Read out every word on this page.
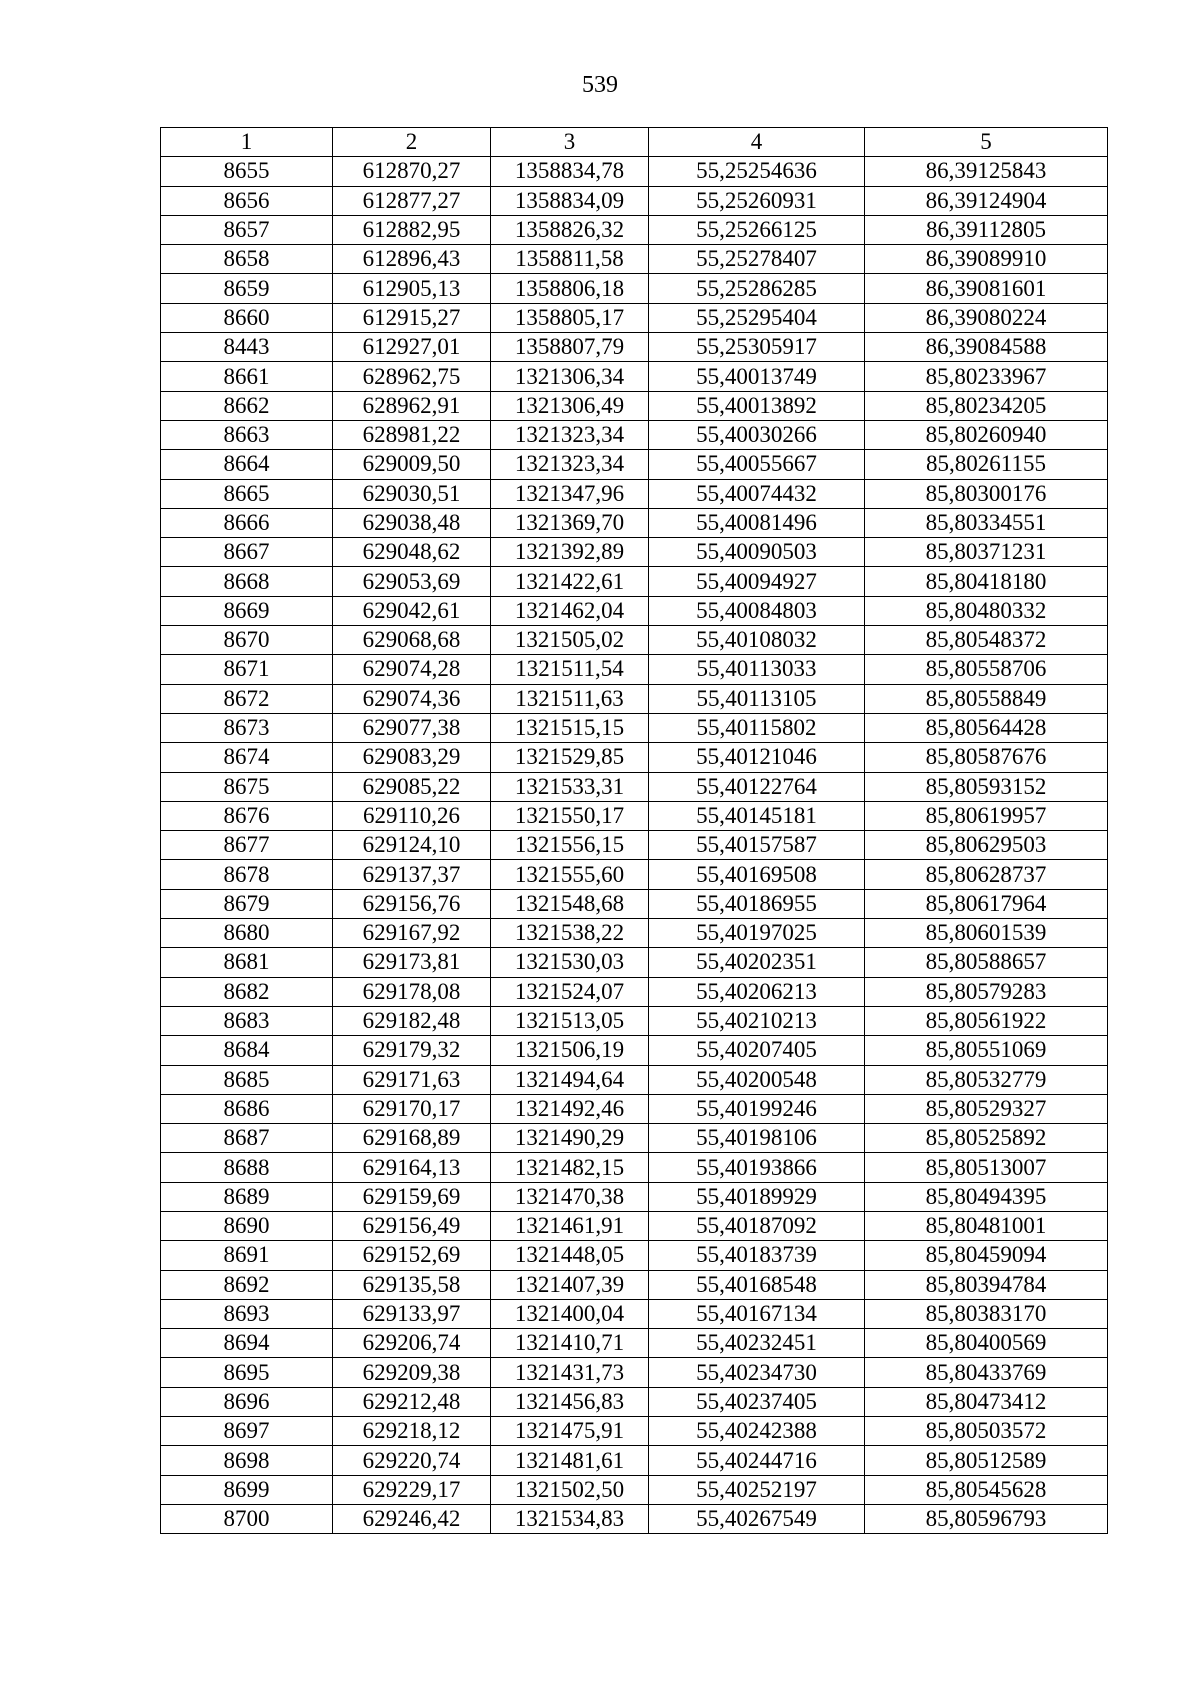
539
1	2	3	4	5
8655	612870,27	1358834,78	55,25254636	86,39125843
8656	612877,27	1358834,09	55,25260931	86,39124904
8657	612882,95	1358826,32	55,25266125	86,39112805
8658	612896,43	1358811,58	55,25278407	86,39089910
8659	612905,13	1358806,18	55,25286285	86,39081601
8660	612915,27	1358805,17	55,25295404	86,39080224
8443	612927,01	1358807,79	55,25305917	86,39084588
8661	628962,75	1321306,34	55,40013749	85,80233967
8662	628962,91	1321306,49	55,40013892	85,80234205
8663	628981,22	1321323,34	55,40030266	85,80260940
8664	629009,50	1321323,34	55,40055667	85,80261155
8665	629030,51	1321347,96	55,40074432	85,80300176
8666	629038,48	1321369,70	55,40081496	85,80334551
8667	629048,62	1321392,89	55,40090503	85,80371231
8668	629053,69	1321422,61	55,40094927	85,80418180
8669	629042,61	1321462,04	55,40084803	85,80480332
8670	629068,68	1321505,02	55,40108032	85,80548372
8671	629074,28	1321511,54	55,40113033	85,80558706
8672	629074,36	1321511,63	55,40113105	85,80558849
8673	629077,38	1321515,15	55,40115802	85,80564428
8674	629083,29	1321529,85	55,40121046	85,80587676
8675	629085,22	1321533,31	55,40122764	85,80593152
8676	629110,26	1321550,17	55,40145181	85,80619957
8677	629124,10	1321556,15	55,40157587	85,80629503
8678	629137,37	1321555,60	55,40169508	85,80628737
8679	629156,76	1321548,68	55,40186955	85,80617964
8680	629167,92	1321538,22	55,40197025	85,80601539
8681	629173,81	1321530,03	55,40202351	85,80588657
8682	629178,08	1321524,07	55,40206213	85,80579283
8683	629182,48	1321513,05	55,40210213	85,80561922
8684	629179,32	1321506,19	55,40207405	85,80551069
8685	629171,63	1321494,64	55,40200548	85,80532779
8686	629170,17	1321492,46	55,40199246	85,80529327
8687	629168,89	1321490,29	55,40198106	85,80525892
8688	629164,13	1321482,15	55,40193866	85,80513007
8689	629159,69	1321470,38	55,40189929	85,80494395
8690	629156,49	1321461,91	55,40187092	85,80481001
8691	629152,69	1321448,05	55,40183739	85,80459094
8692	629135,58	1321407,39	55,40168548	85,80394784
8693	629133,97	1321400,04	55,40167134	85,80383170
8694	629206,74	1321410,71	55,40232451	85,80400569
8695	629209,38	1321431,73	55,40234730	85,80433769
8696	629212,48	1321456,83	55,40237405	85,80473412
8697	629218,12	1321475,91	55,40242388	85,80503572
8698	629220,74	1321481,61	55,40244716	85,80512589
8699	629229,17	1321502,50	55,40252197	85,80545628
8700	629246,42	1321534,83	55,40267549	85,80596793
